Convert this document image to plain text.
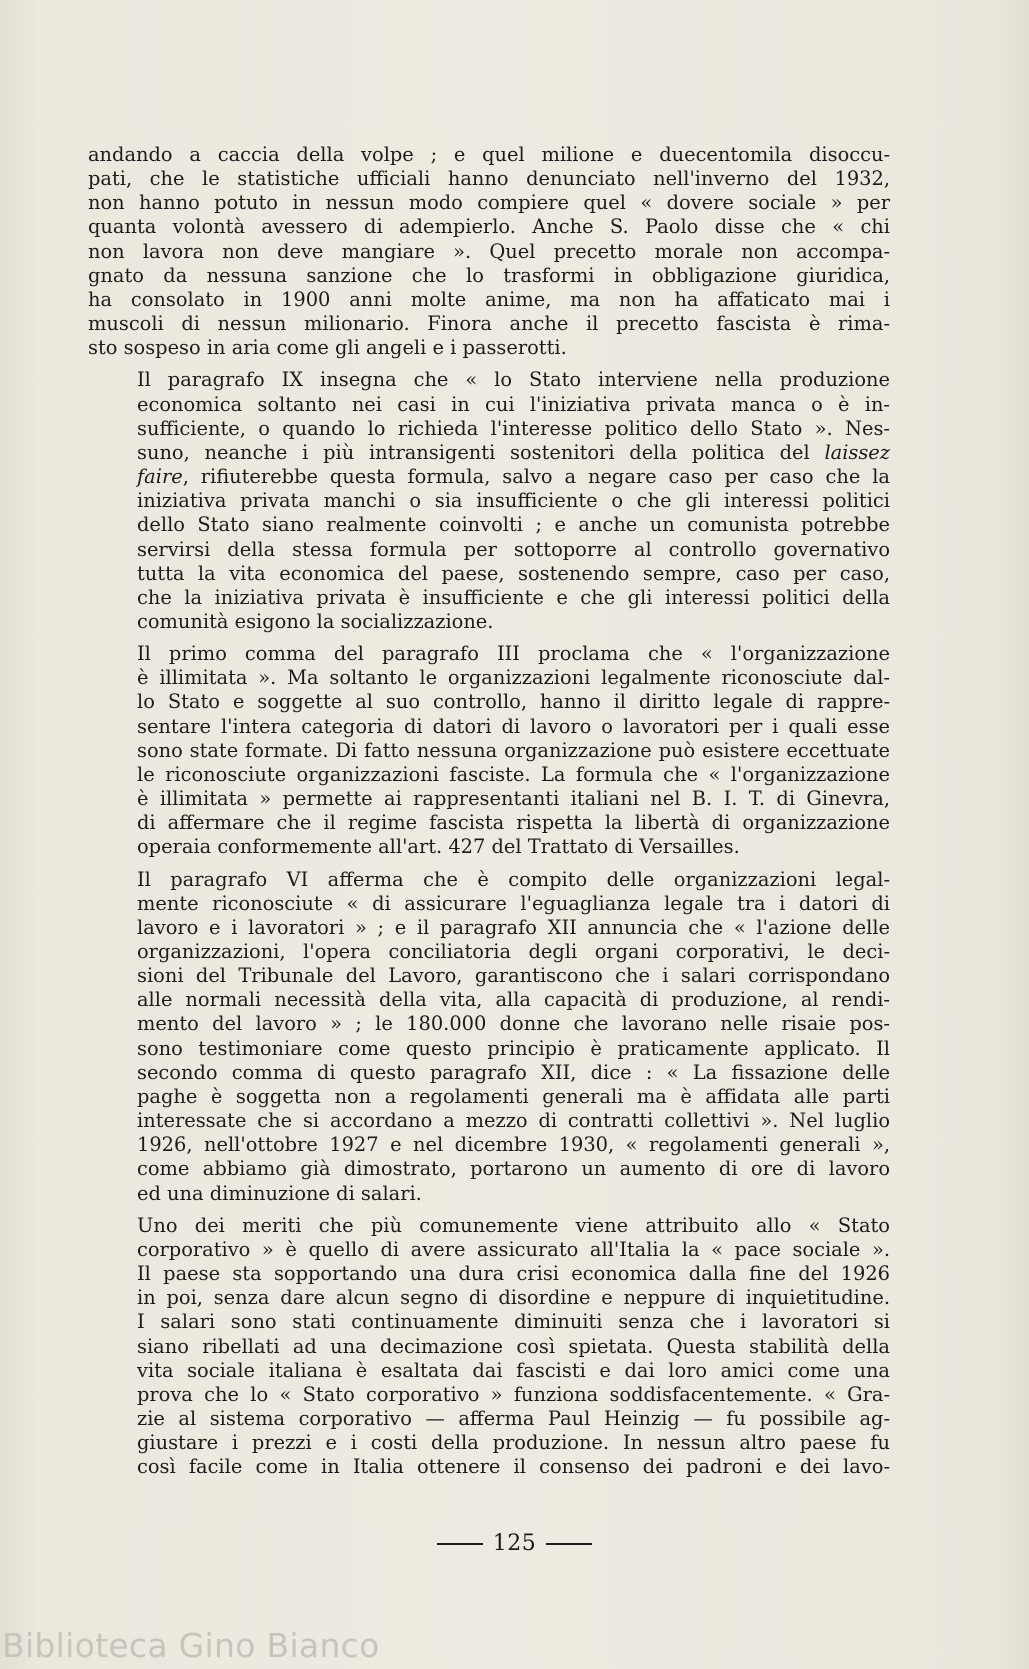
andando a caccia della volpe ; e quel milione e duecentomila disoccu-
pati, che le statistiche ufficiali hanno denunciato nell'inverno del 1932,
non hanno potuto in nessun modo compiere quel « dovere sociale » per
quanta volontà avessero di adempierlo. Anche S. Paolo disse che « chi
non lavora non deve mangiare ». Quel precetto morale non accompa-
gnato da nessuna sanzione che lo trasformi in obbligazione giuridica,
ha consolato in 1900 anni molte anime, ma non ha affaticato mai i
muscoli di nessun milionario. Finora anche il precetto fascista è rima-
sto sospeso in aria come gli angeli e i passerotti.
Il paragrafo IX insegna che « lo Stato interviene nella produzione
economica soltanto nei casi in cui l'iniziativa privata manca o è in-
sufficiente, o quando lo richieda l'interesse politico dello Stato ». Nes-
suno, neanche i più intransigenti sostenitori della politica del laissez
faire, rifiuterebbe questa formula, salvo a negare caso per caso che la
iniziativa privata manchi o sia insufficiente o che gli interessi politici
dello Stato siano realmente coinvolti ; e anche un comunista potrebbe
servirsi della stessa formula per sottoporre al controllo governativo
tutta la vita economica del paese, sostenendo sempre, caso per caso,
che la iniziativa privata è insufficiente e che gli interessi politici della
comunità esigono la socializzazione.
Il primo comma del paragrafo III proclama che « l'organizzazione
è illimitata ». Ma soltanto le organizzazioni legalmente riconosciute dal-
lo Stato e soggette al suo controllo, hanno il diritto legale di rappre-
sentare l'intera categoria di datori di lavoro o lavoratori per i quali esse
sono state formate. Di fatto nessuna organizzazione può esistere eccettuate
le riconosciute organizzazioni fasciste. La formula che « l'organizzazione
è illimitata » permette ai rappresentanti italiani nel B. I. T. di Ginevra,
di affermare che il regime fascista rispetta la libertà di organizzazione
operaia conformemente all'art. 427 del Trattato di Versailles.
Il paragrafo VI afferma che è compito delle organizzazioni legal-
mente riconosciute « di assicurare l'eguaglianza legale tra i datori di
lavoro e i lavoratori » ; e il paragrafo XII annuncia che « l'azione delle
organizzazioni, l'opera conciliatoria degli organi corporativi, le deci-
sioni del Tribunale del Lavoro, garantiscono che i salari corrispondano
alle normali necessità della vita, alla capacità di produzione, al rendi-
mento del lavoro » ; le 180.000 donne che lavorano nelle risaie pos-
sono testimoniare come questo principio è praticamente applicato. Il
secondo comma di questo paragrafo XII, dice : « La fissazione delle
paghe è soggetta non a regolamenti generali ma è affidata alle parti
interessate che si accordano a mezzo di contratti collettivi ». Nel luglio
1926, nell'ottobre 1927 e nel dicembre 1930, « regolamenti generali »,
come abbiamo già dimostrato, portarono un aumento di ore di lavoro
ed una diminuzione di salari.
Uno dei meriti che più comunemente viene attribuito allo « Stato
corporativo » è quello di avere assicurato all'Italia la « pace sociale ».
Il paese sta sopportando una dura crisi economica dalla fine del 1926
in poi, senza dare alcun segno di disordine e neppure di inquietitudine.
I salari sono stati continuamente diminuiti senza che i lavoratori si
siano ribellati ad una decimazione così spietata. Questa stabilità della
vita sociale italiana è esaltata dai fascisti e dai loro amici come una
prova che lo « Stato corporativo » funziona soddisfacentemente. « Gra-
zie al sistema corporativo — afferma Paul Heinzig — fu possibile ag-
giustare i prezzi e i costi della produzione. In nessun altro paese fu
così facile come in Italia ottenere il consenso dei padroni e dei lavo-
125
Biblioteca Gino Bianco
